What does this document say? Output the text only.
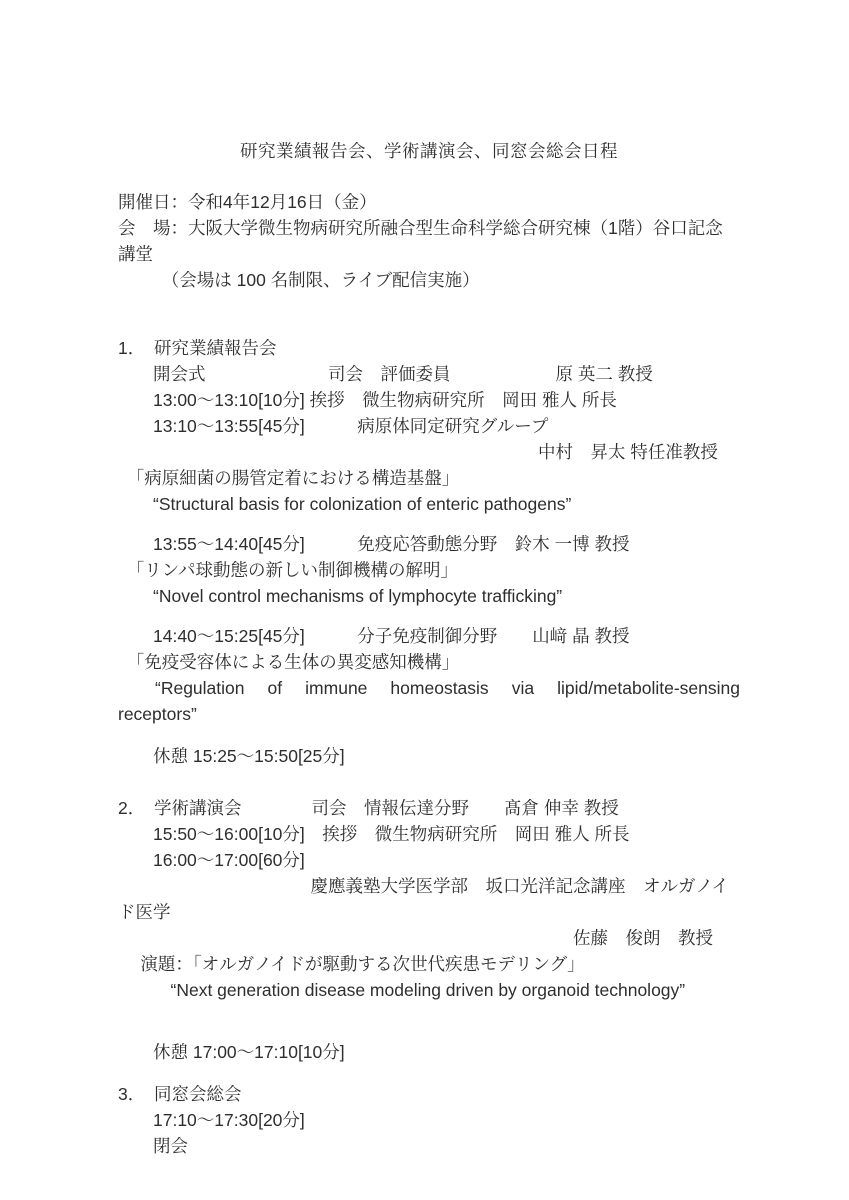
研究業績報告会、学術講演会、同窓会総会日程
開催日：令和4年12月16日（金）
会　場：大阪大学微生物病研究所融合型生命科学総合研究棟（1階）谷口記念講堂
　　　（会場は 100 名制限、ライブ配信実施）
1．　研究業績報告会
　　開会式　　　　　　　司会　評価委員　　　　　　原 英二 教授
　　13:00～13:10[10分] 挨拶　微生物病研究所　岡田 雅人 所長
　　13:10～13:55[45分]　　　病原体同定研究グループ
　　　　　　　　　　　　　　　　　　　　　　　　中村　昇太 特任准教授
　「病原細菌の腸管定着における構造基盤」
　　“Structural basis for colonization of enteric pathogens”
　　13:55～14:40[45分]　　　免疫応答動態分野　鈴木 一博 教授
　「リンパ球動態の新しい制御機構の解明」
　　“Novel control mechanisms of lymphocyte trafficking”
　　14:40～15:25[45分]　　　分子免疫制御分野　　山﨑 晶 教授
　「免疫受容体による生体の異変感知機構」
“Regulation of immune homeostasis via lipid/metabolite-sensing
receptors”
　　休憩 15:25～15:50[25分]
2．　学術講演会　　　　司会　情報伝達分野　　髙倉 伸幸 教授
　　15:50～16:00[10分]　挨拶　微生物病研究所　岡田 雅人 所長
　　16:00～17:00[60分]
　　　　　　　　　　　慶應義塾大学医学部　坂口光洋記念講座　オルガノイド医学
　　　　　　　　　　　　　　　　　　　　　　　　　　佐藤　俊朗　教授
　 演題：「オルガノイドが駆動する次世代疾患モデリング」
　　　“Next generation disease modeling driven by organoid technology”
　　休憩 17:00～17:10[10分]
3．　同窓会総会
　　17:10～17:30[20分]
　　閉会
